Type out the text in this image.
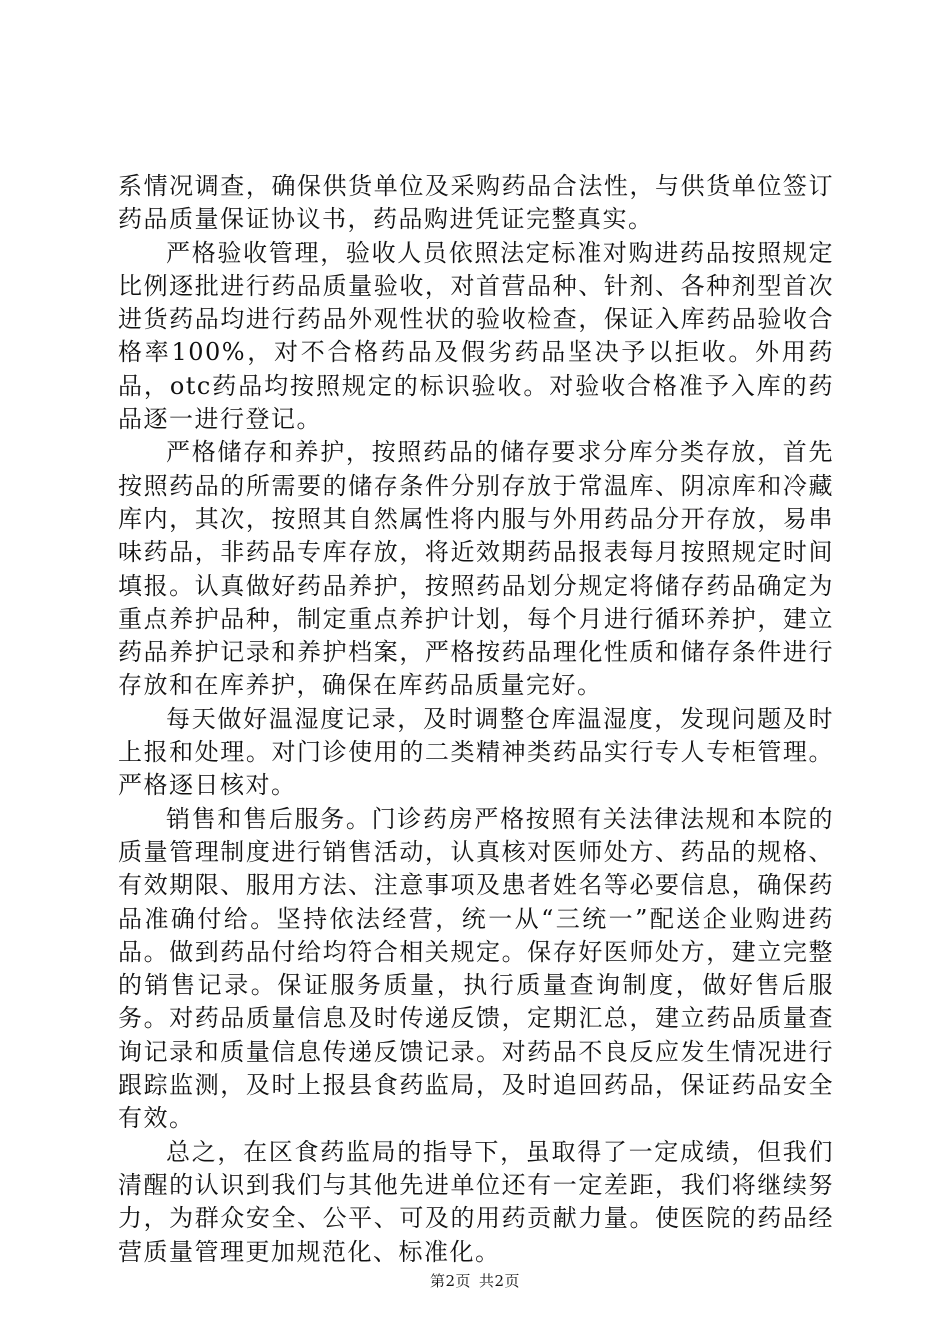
系情况调查，确保供货单位及采购药品合法性，与供货单位签订药品质量保证协议书，药品购进凭证完整真实。

严格验收管理，验收人员依照法定标准对购进药品按照规定比例逐批进行药品质量验收，对首营品种、针剂、各种剂型首次进货药品均进行药品外观性状的验收检查，保证入库药品验收合格率100%，对不合格药品及假劣药品坚决予以拒收。外用药品，otc药品均按照规定的标识验收。对验收合格准予入库的药品逐一进行登记。

严格储存和养护，按照药品的储存要求分库分类存放，首先按照药品的所需要的储存条件分别存放于常温库、阴凉库和冷藏库内，其次，按照其自然属性将内服与外用药品分开存放，易串味药品，非药品专库存放，将近效期药品报表每月按照规定时间填报。认真做好药品养护，按照药品划分规定将储存药品确定为重点养护品种，制定重点养护计划，每个月进行循环养护，建立药品养护记录和养护档案，严格按药品理化性质和储存条件进行存放和在库养护，确保在库药品质量完好。

每天做好温湿度记录，及时调整仓库温湿度，发现问题及时上报和处理。对门诊使用的二类精神类药品实行专人专柜管理。严格逐日核对。

销售和售后服务。门诊药房严格按照有关法律法规和本院的质量管理制度进行销售活动，认真核对医师处方、药品的规格、有效期限、服用方法、注意事项及患者姓名等必要信息，确保药品准确付给。坚持依法经营，统一从“三统一”配送企业购进药品。做到药品付给均符合相关规定。保存好医师处方，建立完整的销售记录。保证服务质量，执行质量查询制度，做好售后服务。对药品质量信息及时传递反馈，定期汇总，建立药品质量查询记录和质量信息传递反馈记录。对药品不良反应发生情况进行跟踪监测，及时上报县食药监局，及时追回药品，保证药品安全有效。

总之，在区食药监局的指导下，虽取得了一定成绩，但我们清醒的认识到我们与其他先进单位还有一定差距，我们将继续努力，为群众安全、公平、可及的用药贡献力量。使医院的药品经营质量管理更加规范化、标准化。

第2页 共2页
